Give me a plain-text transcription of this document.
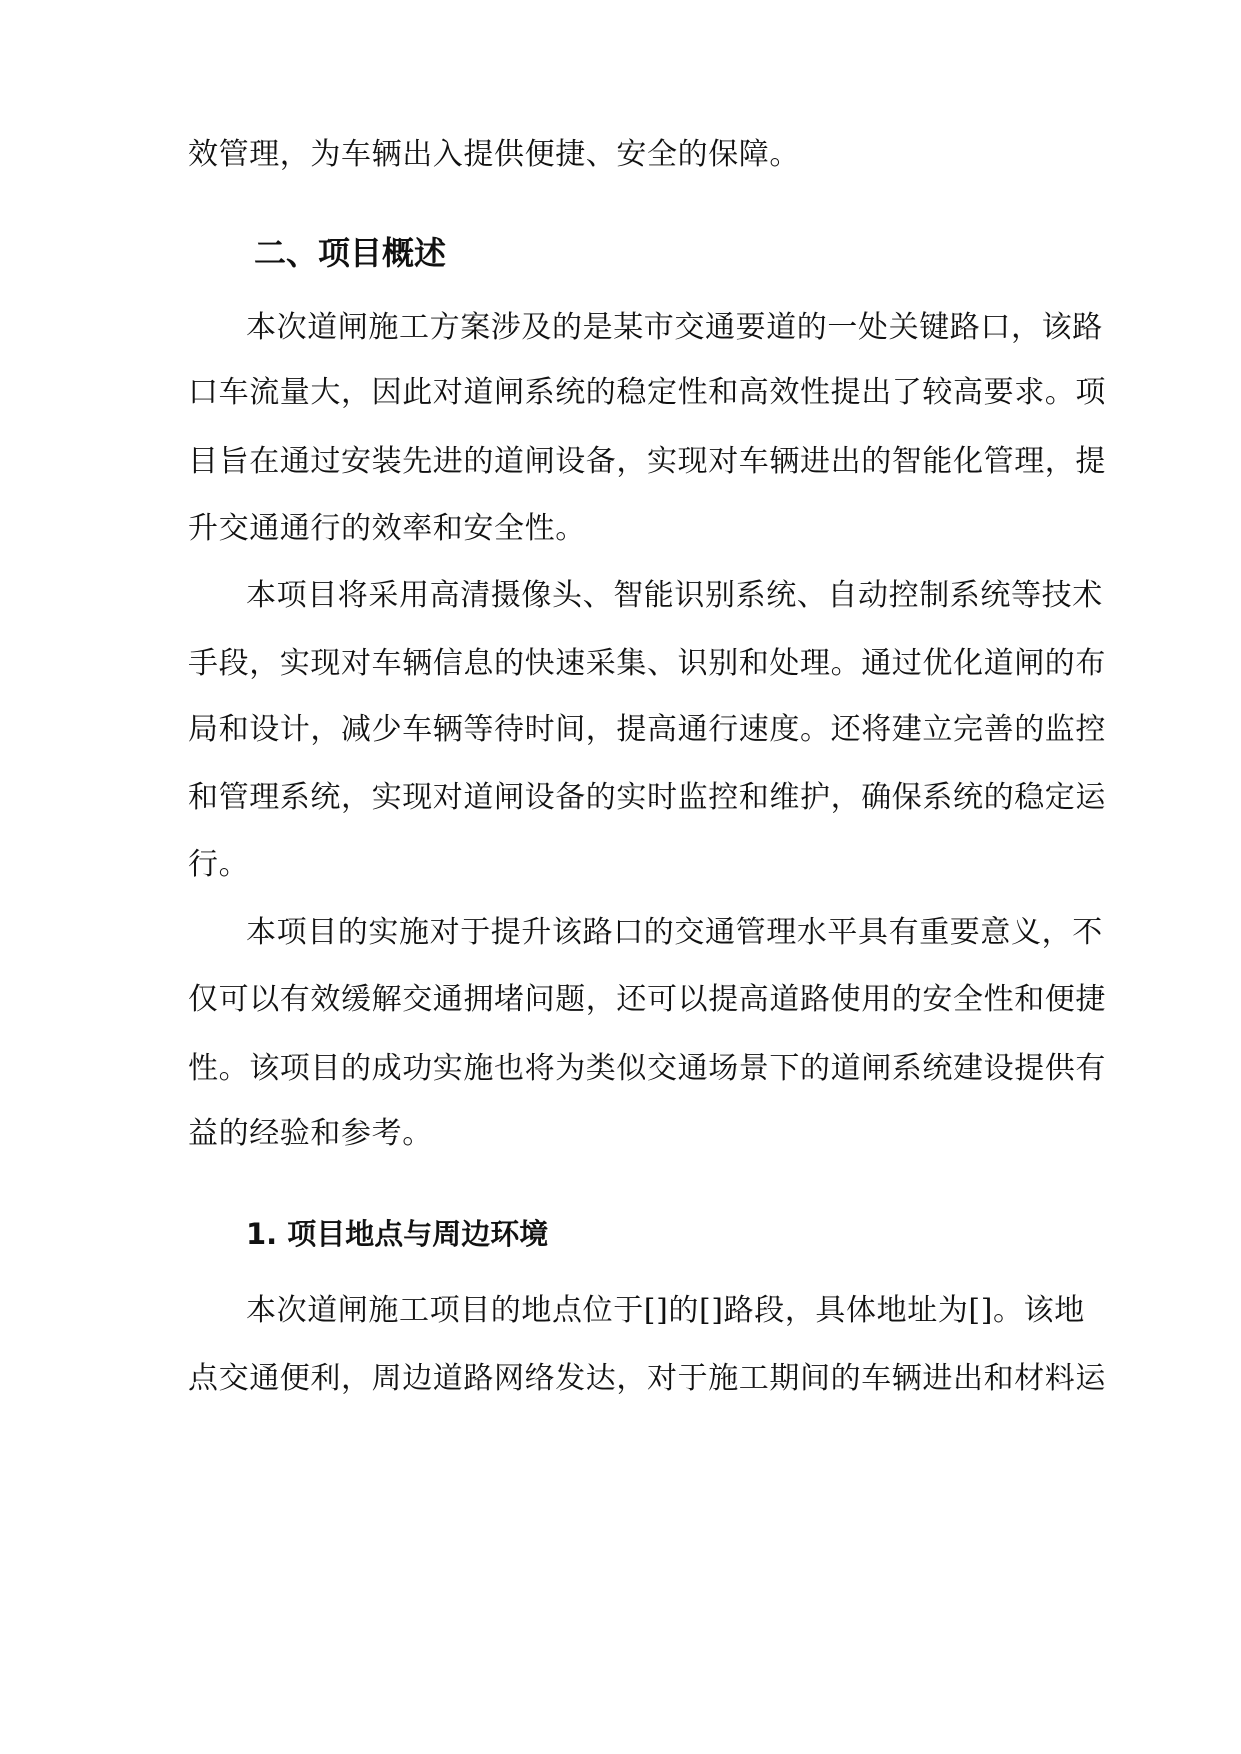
效管理，为车辆出入提供便捷、安全的保障。
二、项目概述
本次道闸施工方案涉及的是某市交通要道的一处关键路口，该路
口车流量大，因此对道闸系统的稳定性和高效性提出了较高要求。项
目旨在通过安装先进的道闸设备，实现对车辆进出的智能化管理，提
升交通通行的效率和安全性。
本项目将采用高清摄像头、智能识别系统、自动控制系统等技术
手段，实现对车辆信息的快速采集、识别和处理。通过优化道闸的布
局和设计，减少车辆等待时间，提高通行速度。还将建立完善的监控
和管理系统，实现对道闸设备的实时监控和维护，确保系统的稳定运
行。
本项目的实施对于提升该路口的交通管理水平具有重要意义，不
仅可以有效缓解交通拥堵问题，还可以提高道路使用的安全性和便捷
性。该项目的成功实施也将为类似交通场景下的道闸系统建设提供有
益的经验和参考。
1. 项目地点与周边环境
本次道闸施工项目的地点位于[]的[]路段，具体地址为[]。该地
点交通便利，周边道路网络发达，对于施工期间的车辆进出和材料运
